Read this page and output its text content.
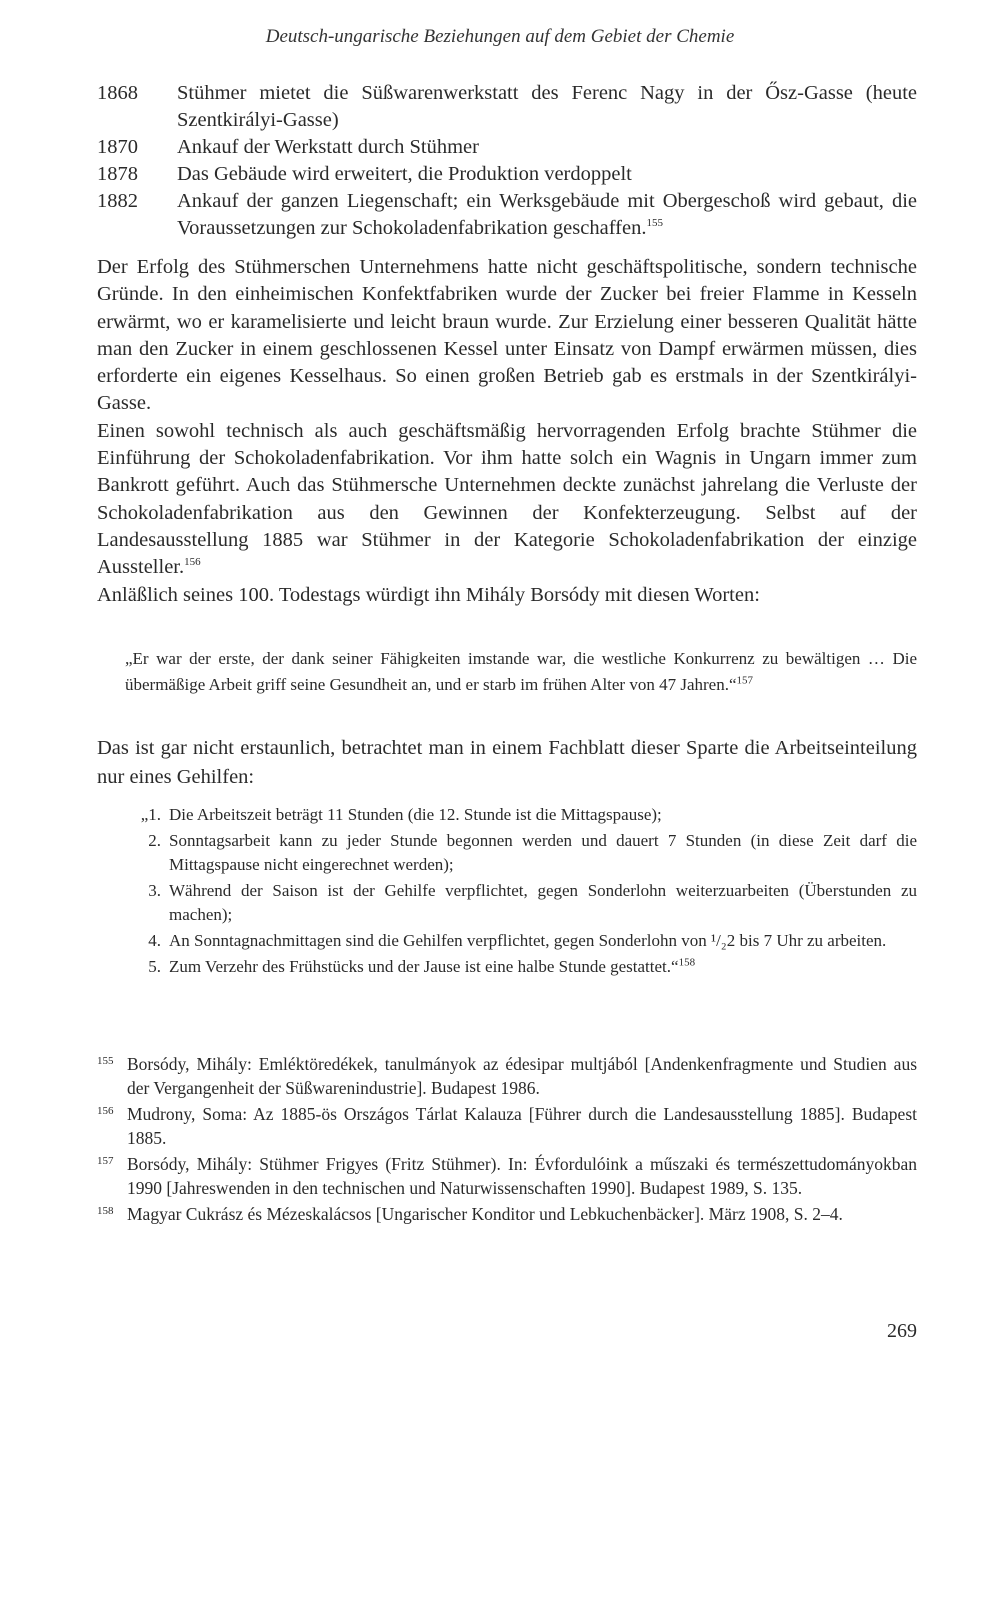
Deutsch-ungarische Beziehungen auf dem Gebiet der Chemie
1868	Stühmer mietet die Süßwarenwerkstatt des Ferenc Nagy in der Ősz-Gasse (heute Szentkirályi-Gasse)
1870	Ankauf der Werkstatt durch Stühmer
1878	Das Gebäude wird erweitert, die Produktion verdoppelt
1882	Ankauf der ganzen Liegenschaft; ein Werksgebäude mit Obergeschoß wird gebaut, die Voraussetzungen zur Schokoladenfabrikation geschaffen.$^{155}$
Der Erfolg des Stühmerschen Unternehmens hatte nicht geschäftspolitische, sondern technische Gründe. In den einheimischen Konfektfabriken wurde der Zucker bei freier Flamme in Kesseln erwärmt, wo er karamelisierte und leicht braun wurde. Zur Erzielung einer besseren Qualität hätte man den Zucker in einem geschlossenen Kessel unter Einsatz von Dampf erwärmen müssen, dies erforderte ein eigenes Kesselhaus. So einen großen Betrieb gab es erstmals in der Szentkirályi-Gasse.
Einen sowohl technisch als auch geschäftsmäßig hervorragenden Erfolg brachte Stühmer die Einführung der Schokoladenfabrikation. Vor ihm hatte solch ein Wagnis in Ungarn immer zum Bankrott geführt. Auch das Stühmersche Unternehmen deckte zunächst jahrelang die Verluste der Schokoladenfabrikation aus den Gewinnen der Konfekterzeugung. Selbst auf der Landesausstellung 1885 war Stühmer in der Kategorie Schokoladenfabrikation der einzige Aussteller.$^{156}$
Anläßlich seines 100. Todestags würdigt ihn Mihály Borsódy mit diesen Worten:
„Er war der erste, der dank seiner Fähigkeiten imstande war, die westliche Konkurrenz zu bewältigen … Die übermäßige Arbeit griff seine Gesundheit an, und er starb im frühen Alter von 47 Jahren.“$^{157}$
Das ist gar nicht erstaunlich, betrachtet man in einem Fachblatt dieser Sparte die Arbeitseinteilung nur eines Gehilfen:
„1. Die Arbeitszeit beträgt 11 Stunden (die 12. Stunde ist die Mittagspause);
2. Sonntagsarbeit kann zu jeder Stunde begonnen werden und dauert 7 Stunden (in diese Zeit darf die Mittagspause nicht eingerechnet werden);
3. Während der Saison ist der Gehilfe verpflichtet, gegen Sonderlohn weiterzuarbeiten (Überstunden zu machen);
4. An Sonntagnachmittagen sind die Gehilfen verpflichtet, gegen Sonderlohn von ¹/₂2 bis 7 Uhr zu arbeiten.
5. Zum Verzehr des Frühstücks und der Jause ist eine halbe Stunde gestattet.“$^{158}$
155 Borsódy, Mihály: Emléktöredékek, tanulmányok az édesipar multjából [Andenkenfragmente und Studien aus der Vergangenheit der Süßwarenindustrie]. Budapest 1986.
156 Mudrony, Soma: Az 1885-ös Országos Tárlat Kalauza [Führer durch die Landesausstellung 1885]. Budapest 1885.
157 Borsódy, Mihály: Stühmer Frigyes (Fritz Stühmer). In: Évfordulóink a műszaki és természettudományokban 1990 [Jahreswenden in den technischen und Naturwissenschaften 1990]. Budapest 1989, S. 135.
158 Magyar Cukrász és Mézeskalácsos [Ungarischer Konditor und Lebkuchenbäcker]. März 1908, S. 2–4.
269
